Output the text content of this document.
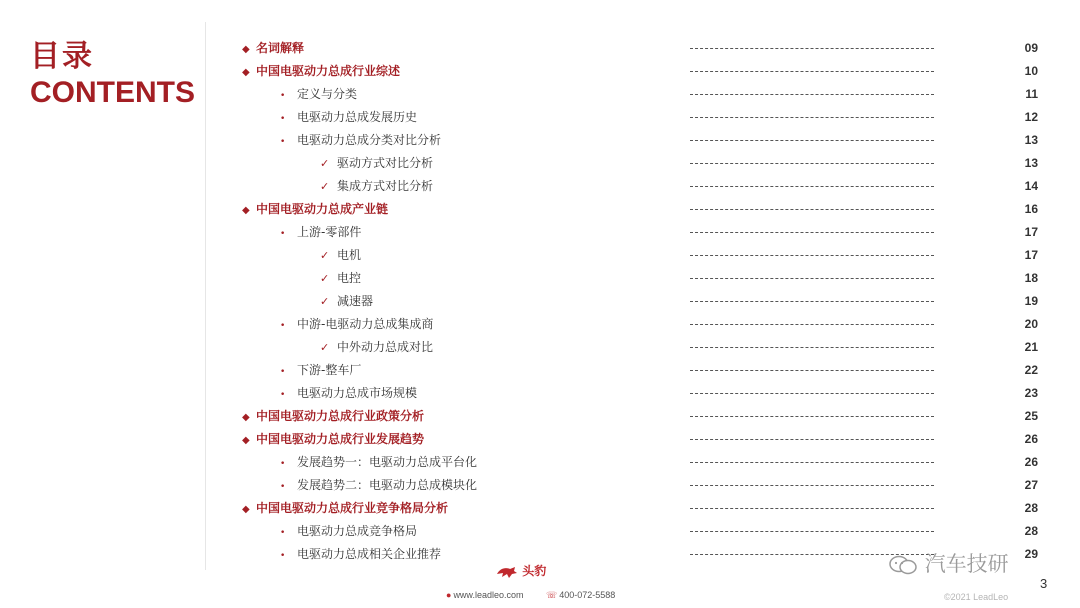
目录
CONTENTS
◆ 名词解释	09
◆ 中国电驱动力总成行业综述	10
• 定义与分类	11
• 电驱动力总成发展历史	12
• 电驱动力总成分类对比分析	13
✓ 驱动方式对比分析	13
✓ 集成方式对比分析	14
◆ 中国电驱动力总成产业链	16
• 上游-零部件	17
✓ 电机	17
✓ 电控	18
✓ 减速器	19
• 中游-电驱动力总成集成商	20
✓ 中外动力总成对比	21
• 下游-整车厂	22
• 电驱动力总成市场规模	23
◆ 中国电驱动力总成行业政策分析	25
◆ 中国电驱动力总成行业发展趋势	26
• 发展趋势一：电驱动力总成平台化	26
• 发展趋势二：电驱动力总成模块化	27
◆ 中国电驱动力总成行业竞争格局分析	28
• 电驱动力总成竞争格局	28
• 电驱动力总成相关企业推荐	29
头豹
● www.leadleo.com	☏ 400-072-5588
汽车技研
3
©2021 LeadLeo
